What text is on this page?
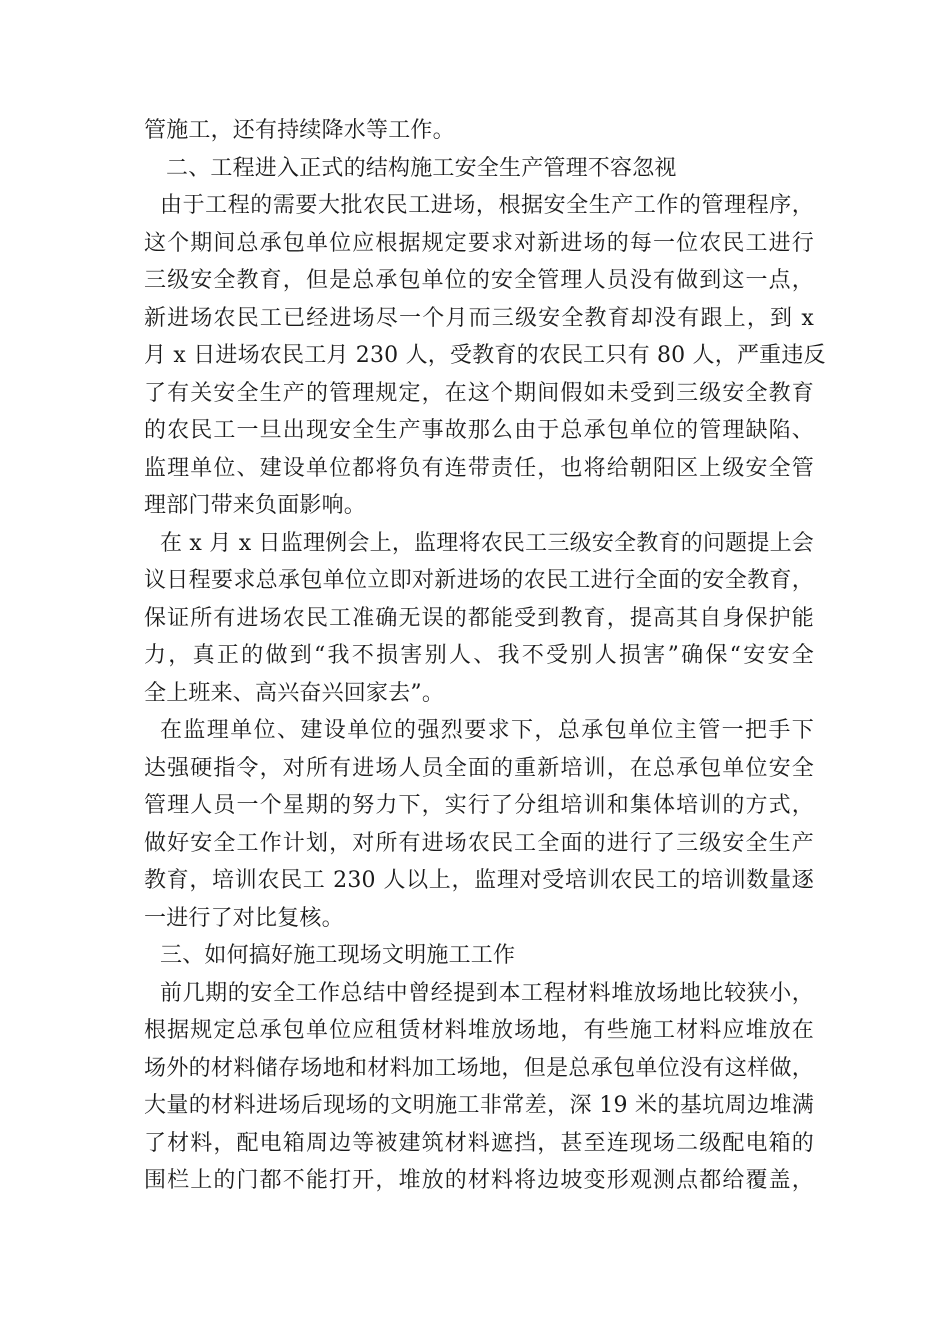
管施工，还有持续降水等工作。
二、工程进入正式的结构施工安全生产管理不容忽视
由于工程的需要大批农民工进场，根据安全生产工作的管理程序，
这个期间总承包单位应根据规定要求对新进场的每一位农民工进行
三级安全教育，但是总承包单位的安全管理人员没有做到这一点，
新进场农民工已经进场尽一个月而三级安全教育却没有跟上，到 x
月 x 日进场农民工月 230 人，受教育的农民工只有 80 人，严重违反
了有关安全生产的管理规定，在这个期间假如未受到三级安全教育
的农民工一旦出现安全生产事故那么由于总承包单位的管理缺陷、
监理单位、建设单位都将负有连带责任，也将给朝阳区上级安全管
理部门带来负面影响。
在 x 月 x 日监理例会上，监理将农民工三级安全教育的问题提上会
议日程要求总承包单位立即对新进场的农民工进行全面的安全教育，
保证所有进场农民工准确无误的都能受到教育，提高其自身保护能
力，真正的做到“我不损害别人、我不受别人损害”确保“安安全
全上班来、高兴奋兴回家去”。
在监理单位、建设单位的强烈要求下，总承包单位主管一把手下
达强硬指令，对所有进场人员全面的重新培训，在总承包单位安全
管理人员一个星期的努力下，实行了分组培训和集体培训的方式，
做好安全工作计划，对所有进场农民工全面的进行了三级安全生产
教育，培训农民工 230 人以上，监理对受培训农民工的培训数量逐
一进行了对比复核。
三、如何搞好施工现场文明施工工作
前几期的安全工作总结中曾经提到本工程材料堆放场地比较狭小，
根据规定总承包单位应租赁材料堆放场地，有些施工材料应堆放在
场外的材料储存场地和材料加工场地，但是总承包单位没有这样做，
大量的材料进场后现场的文明施工非常差，深 19 米的基坑周边堆满
了材料，配电箱周边等被建筑材料遮挡，甚至连现场二级配电箱的
围栏上的门都不能打开，堆放的材料将边坡变形观测点都给覆盖，
